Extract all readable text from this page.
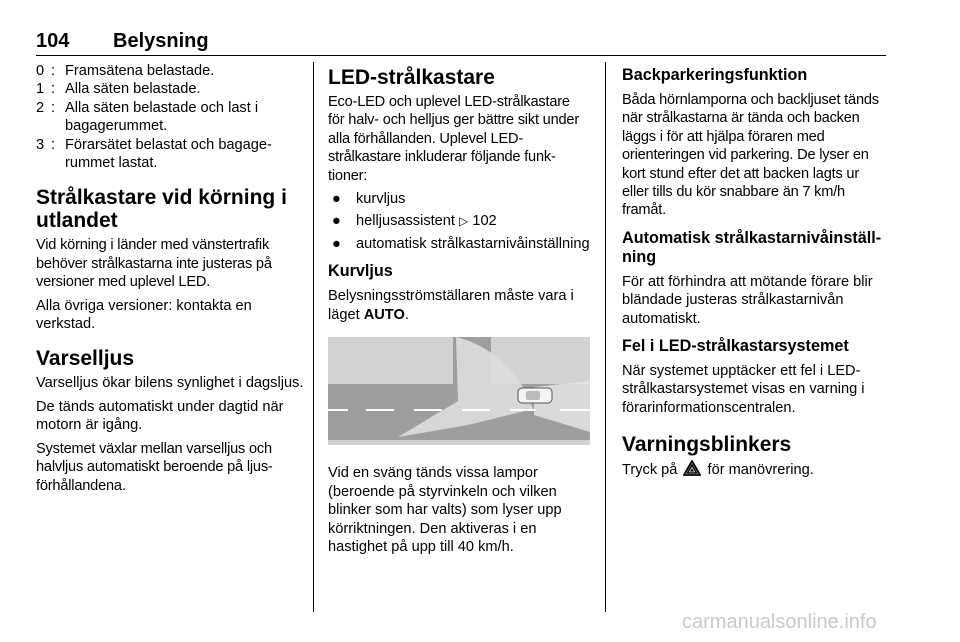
104 Belysning
0 : Framsätena belastade.
1 : Alla säten belastade.
2 : Alla säten belastade och last i bagagerummet.
3 : Förarsätet belastat och bagagerummet lastat.
Strålkastare vid körning i utlandet

Vid körning i länder med vänstertrafik behöver strålkastarna inte justeras på versioner med uplevel LED.

Alla övriga versioner: kontakta en verkstad.

Varselljus

Varselljus ökar bilens synlighet i dagsljus.

De tänds automatiskt under dagtid när motorn är igång.

Systemet växlar mellan varselljus och halvljus automatiskt beroende på ljusförhållandena.

LED-strålkastare

Eco-LED och uplevel LED-strålkastare för halv- och helljus ger bättre sikt under alla förhållanden. Uplevel LED-strålkastare inkluderar följande funktioner:

●	kurvljus
●	helljusassistent ▷ 102
●	automatisk strålkastarnivåinställning
Kurvljus

Belysningsströmställaren måste vara i läget AUTO.

Vid en sväng tänds vissa lampor (beroende på styrvinkeln och vilken blinker som har valts) som lyser upp körriktningen. Den aktiveras i en hastighet på upp till 40 km/h.

Backparkeringsfunktion

Båda hörnlamporna och backljuset tänds när strålkastarna är tända och backen läggs i för att hjälpa föraren med orienteringen vid parkering. De lyser en kort stund efter det att backen lagts ur eller tills du kör snabbare än 7 km/h framåt.

Automatisk strålkastarnivåinställning

För att förhindra att mötande förare blir bländade justeras strålkastarnivån automatiskt.

Fel i LED-strålkastarsystemet

När systemet upptäcker ett fel i LED-strålkastarsystemet visas en varning i förarinformationscentralen.

Varningsblinkers

Tryck på för manövrering.

carmanualsonline.info
